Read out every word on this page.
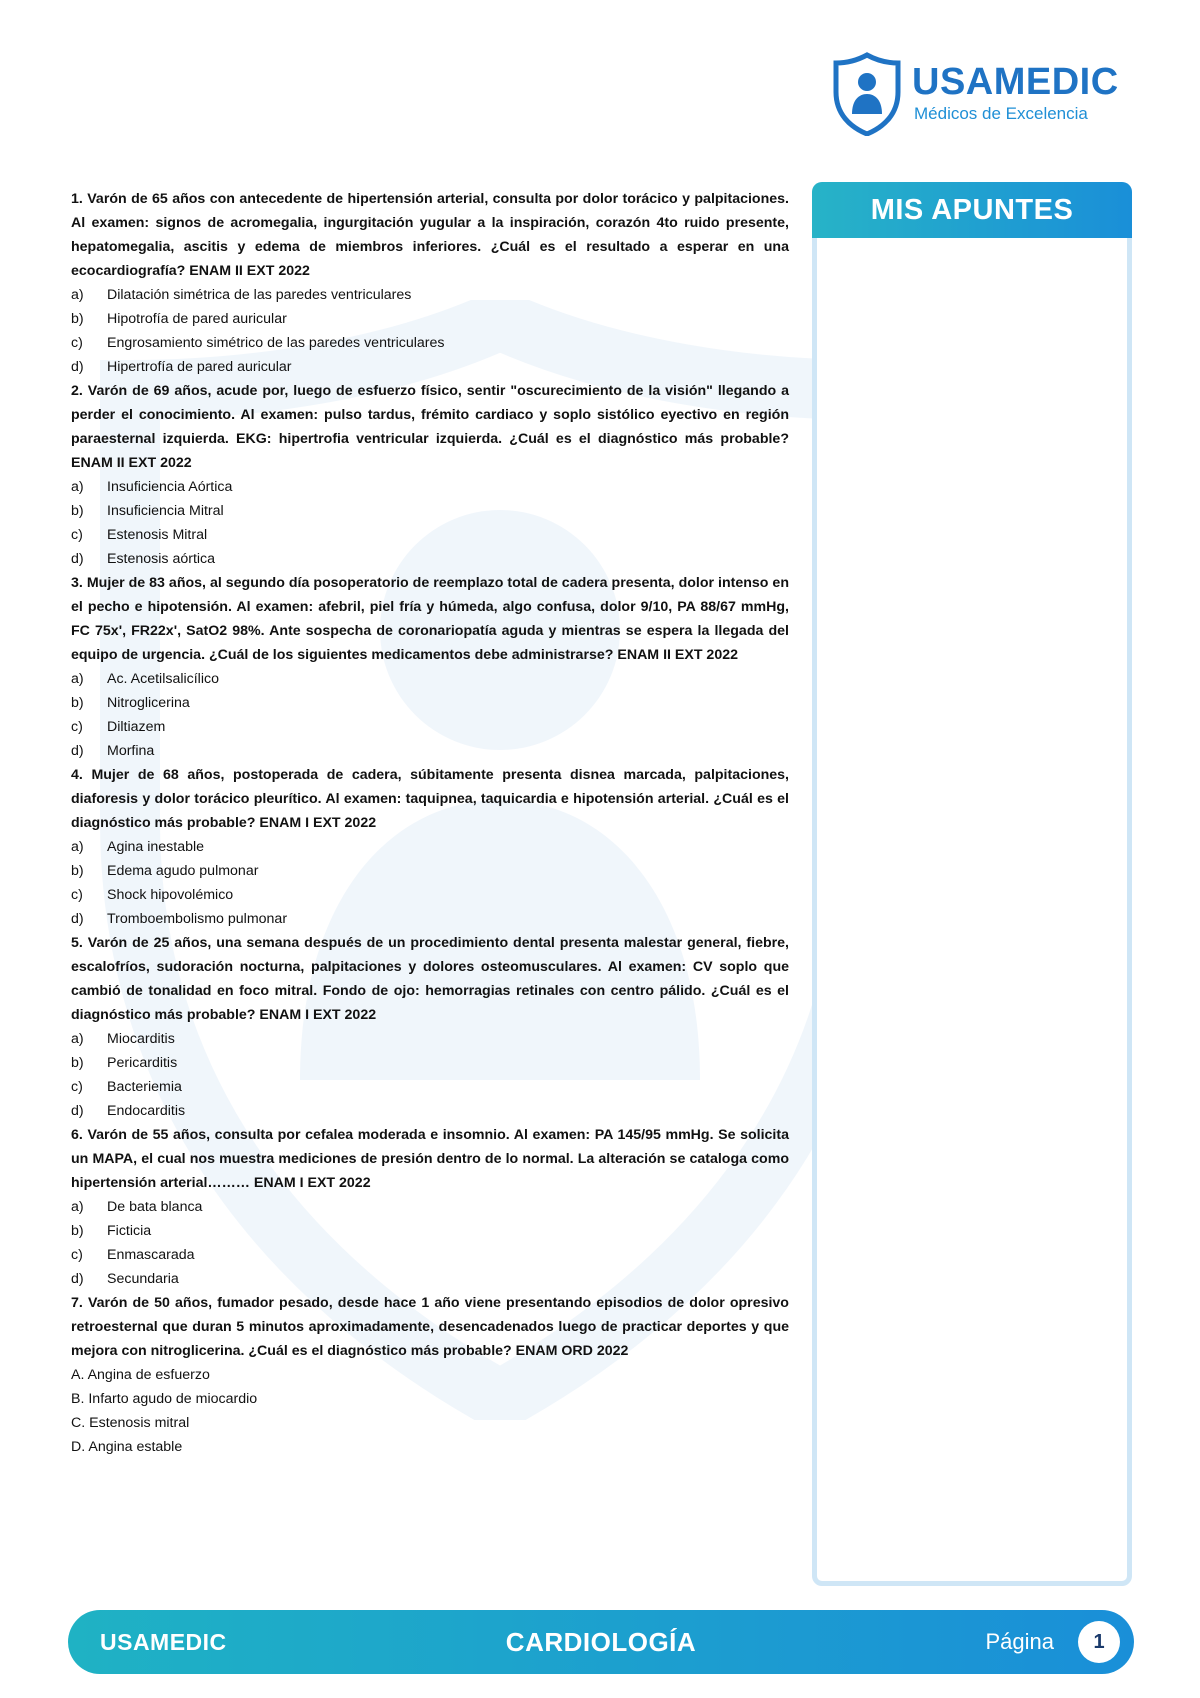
USAMEDIC
Médicos de Excelencia

1. Varón de 65 años con antecedente de hipertensión arterial, consulta por dolor torácico y palpitaciones. Al examen: signos de acromegalia, ingurgitación yugular a la inspiración, corazón 4to ruido presente, hepatomegalia, ascitis y edema de miembros inferiores. ¿Cuál es el resultado a esperar en una ecocardiografía? ENAM II EXT 2022

a)	Dilatación simétrica de las paredes ventriculares
b)	Hipotrofía de pared auricular
c)	Engrosamiento simétrico de las paredes ventriculares
d)	Hipertrofía de pared auricular

2. Varón de 69 años, acude por, luego de esfuerzo físico, sentir "oscurecimiento de la visión" llegando a perder el conocimiento. Al examen: pulso tardus, frémito cardiaco y soplo sistólico eyectivo en región paraesternal izquierda. EKG: hipertrofia ventricular izquierda. ¿Cuál es el diagnóstico más probable? ENAM II EXT 2022

a)	Insuficiencia Aórtica
b)	Insuficiencia Mitral
c)	Estenosis Mitral
d)	Estenosis aórtica

3. Mujer de 83 años, al segundo día posoperatorio de reemplazo total de cadera presenta, dolor intenso en el pecho e hipotensión. Al examen: afebril, piel fría y húmeda, algo confusa, dolor 9/10, PA 88/67 mmHg, FC 75x', FR22x', SatO2 98%. Ante sospecha de coronariopatía aguda y mientras se espera la llegada del equipo de urgencia. ¿Cuál de los siguientes medicamentos debe administrarse? ENAM II EXT 2022

a)	Ac. Acetilsalicílico
b)	Nitroglicerina
c)	Diltiazem
d)	Morfina

4. Mujer de 68 años, postoperada de cadera, súbitamente presenta disnea marcada, palpitaciones, diaforesis y dolor torácico pleurítico. Al examen: taquipnea, taquicardia e hipotensión arterial. ¿Cuál es el diagnóstico más probable? ENAM I EXT 2022

a)	Agina inestable
b)	Edema agudo pulmonar
c)	Shock hipovolémico
d)	Tromboembolismo pulmonar

5. Varón de 25 años, una semana después de un procedimiento dental presenta malestar general, fiebre, escalofríos, sudoración nocturna, palpitaciones y dolores osteomusculares. Al examen: CV soplo que cambió de tonalidad en foco mitral. Fondo de ojo: hemorragias retinales con centro pálido. ¿Cuál es el diagnóstico más probable? ENAM I EXT 2022

a)	Miocarditis
b)	Pericarditis
c)	Bacteriemia
d)	Endocarditis

6. Varón de 55 años, consulta por cefalea moderada e insomnio. Al examen: PA 145/95 mmHg. Se solicita un MAPA, el cual nos muestra mediciones de presión dentro de lo normal. La alteración se cataloga como hipertensión arterial……… ENAM I EXT 2022

a)	De bata blanca
b)	Ficticia
c)	Enmascarada
d)	Secundaria

7. Varón de 50 años, fumador pesado, desde hace 1 año viene presentando episodios de dolor opresivo retroesternal que duran 5 minutos aproximadamente, desencadenados luego de practicar deportes y que mejora con nitroglicerina. ¿Cuál es el diagnóstico más probable? ENAM ORD 2022

A. Angina de esfuerzo

B. Infarto agudo de miocardio

C. Estenosis mitral

D. Angina estable

MIS APUNTES
USAMEDIC	CARDIOLOGÍA	Página	1
